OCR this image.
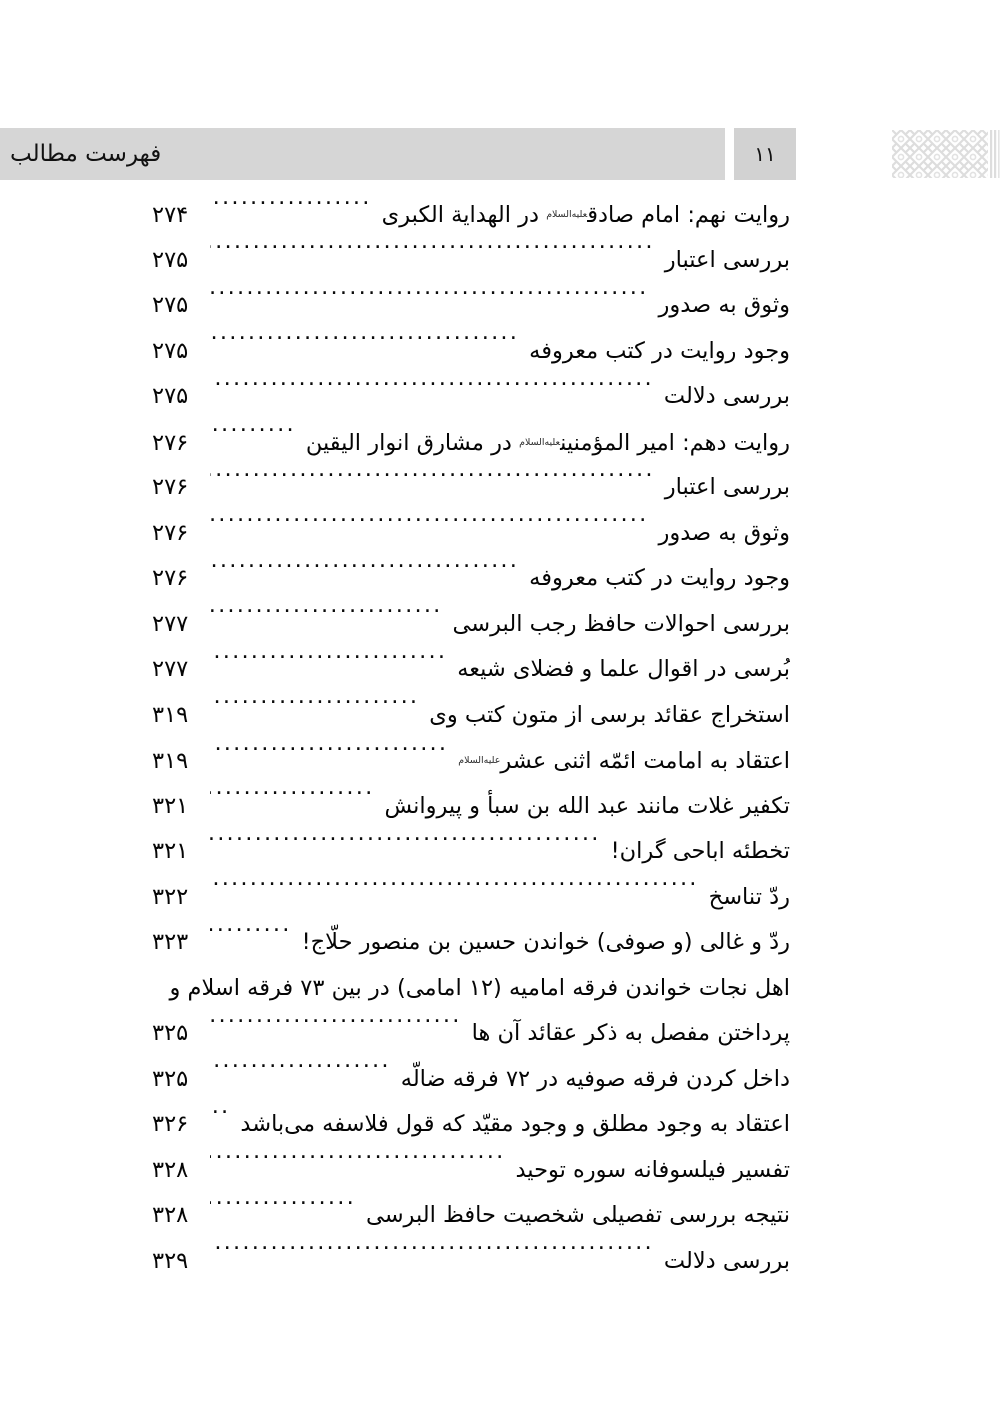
۱۱
فهرست مطالب
روایت نهم: امام صادق$^{علیه‌السلام}$ در الهدایة الکبری
.....
۲۷۴
بررسی اعتبار
.....
۲۷۵
وثوق به صدور
.....
۲۷۵
وجود روایت در کتب معروفه
.....
۲۷۵
بررسی دلالت
.....
۲۷۵
روایت دهم: امیر المؤمنین$^{علیه‌السلام}$ در مشارق انوار الیقین
.....
۲۷۶
بررسی اعتبار
.....
۲۷۶
وثوق به صدور
.....
۲۷۶
وجود روایت در کتب معروفه
.....
۲۷۶
بررسی احوالات حافظ رجب البرسی
.....
۲۷۷
بُرسی در اقوال علما و فضلای شیعه
.....
۲۷۷
استخراج عقائد برسی از متون کتب وی
.....
۳۱۹
اعتقاد به امامت ائمّه اثنی عشر$^{علیه‌السلام}$
.....
۳۱۹
تکفیر غلات مانند عبد الله بن سبأ و پیروانش
.....
۳۲۱
تخطئه اباحی گران!
.....
۳۲۱
ردّ تناسخ
.....
۳۲۲
ردّ و غالی (و صوفی) خواندن حسین بن منصور حلّاج!
.....
۳۲۳
اهل نجات خواندن فرقه امامیه (۱۲ امامی) در بین ۷۳ فرقه اسلام و
پرداختن مفصل به ذکر عقائد آن ها
.....
۳۲۵
داخل کردن فرقه صوفیه در ۷۲ فرقه ضالّه
.....
۳۲۵
اعتقاد به وجود مطلق و وجود مقیّد که قول فلاسفه می‌باشد
.....
۳۲۶
تفسیر فیلسوفانه سوره توحید
.....
۳۲۸
نتیجه بررسی تفصیلی شخصیت حافظ البرسی
.....
۳۲۸
بررسی دلالت
.....
۳۲۹
